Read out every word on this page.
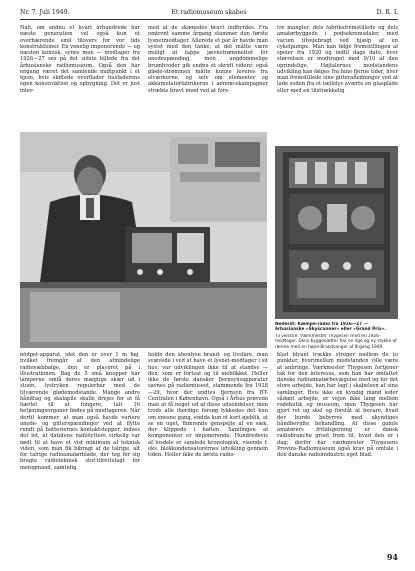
Nr. 7. Juli 1949.	Et radiomuseum skabes	D. R. L
Nåh, om endnu et kvart århundrede har næste generation vel også kun et overbærende smil tilovers for vor tids konstruktioner. En venelig imponerende — og næsten komisk, synes man — modtager fra 1926—27 ses på det sidste billede fra det århusianske radiomuseum. Også den har engang været det samlende midtpunkt i et hjem, hvis skiftede overflader husfaderens egen konstruktion og opbygning. Det er just inter-
med at de skænedes bravt indbyrdes. Fra omtrent samme årgang stammer den første lysnetmodtager. Allerede et par år havde man syslet med den tanke, at det måtte være muligt at tappe jævnstrømsnettet for anodespænding, men ungdommelige brumhvoder gik endnu et skridt videre: også gløde-strømmen måtte kunne leveres fra elværkerne, og selv om elementer og akkumulatorfabrikerne i annoncekampagner stræbte bravt imod ved at fore-
tre mangler, dels fabriksfremstillede og dels amatørbyggede i podsekremsdaler, med vacum tilvejebragt ved hjælp af en cykelpumpe. Man kan følge fremstillingen af spoler fra 1920 og indtil dags dato, hvor størrelsen er modtraget med 9/10 af den oprindelige. Højtalernes modstandens udvikling kan følges fra hine fjerne tider, hvor man fremstillede sine gitterafledninger ved at lade soden fra et tællelys aværte en glasplade eller med en tilstrækkelig
Nederst: Kæmpe-radio fra 1926—27 — århusianske »Skyscanner« eller »Grand Prix«.
Til venstre: Værkmester Thygesen med en 1926-modtager. Dens byggesætter har en lige og ny stykke af rørene med en højre-Brandsanger af årgang 1949.
nödget-apparat, idet den er over 1 m høj, hvilket fremgår af den afmindelige radiovæbbalge, den er placeret på i illustrationen. Bag de 5 små knopper har lamperne omfå deres mægtige skær ud i stuen, lystryken regulerbar med de tilværende glødemodstande. Mange andre håndtag og skalapile skulle drejes for at få hærlet til at fungere, talt 16 betjeningsorganer findes på modtageren. Når dertil kommer, at man også havde variere anode- og gitterspændinger ved at flytte rundt på batteriernes kontaktstepper, indses det let, at datidens radiolyttere virkelig var nødt til at have et vist minimum af teknisk viden, som man fik bibragt af de talrige, alt for talrige radioamatørblade, der tog for sig bragte radioteknisk stof-tilrettelagt for menigmand, samtidig
holde den åbenlyse brand- og livsfare, man svævede i ved at have et lysnet-modtager i sit hus, var udviklingen ikke til at standse — den, som er fortsat og til øieblikket. Heller ikke de første dansker fjernsynsapparater savnes på radiomuseet, stammende fra 1928—29, hvor der undtes fjernsyn fra BT-Centralen i København. Også i Århus prøvede man at få noget ud af disse udsendelser, men trods alle iherdige forsøg lykkedes det kun om enesne gang, endda kun et kort øjeblik, at se en uget, flimrende genspejle af en sæk, der klippede i haften. Samlingen af komponenter er imponerende. Hundredevis af losdele er samlede kronologisk, visende f. eks. blokkondensatorernes udvikling gennem tiden. Heller ikke de første radio-
blad blyant trække streger mellem de to punkter, hvorimellem modstanden ville være at anbringe. Værkmester Thygesen fortjener tak for den interesse, som han har omfattet danske radioamatørbevægelse med og for det store arbejde, han har lagt i skabelsen af sine samlinger. Hvis ikke en kyndig mand leder sådant arbejde, er vejen ikke lang mellem rodebutik og museum, men Thygesen har gjort ret og skel og forståt at bevare, hvad der burde bebyrres med ukyndiges håndbevidte behandling. Af disse gamle amatørers fritidsgerning er dansk radiobranche groet frem til, hvad den er i dag; derfor har værkmester Thygesens Provins-Radiomuseum også krav på omtale i den danske radioindustris eget blad.
94
